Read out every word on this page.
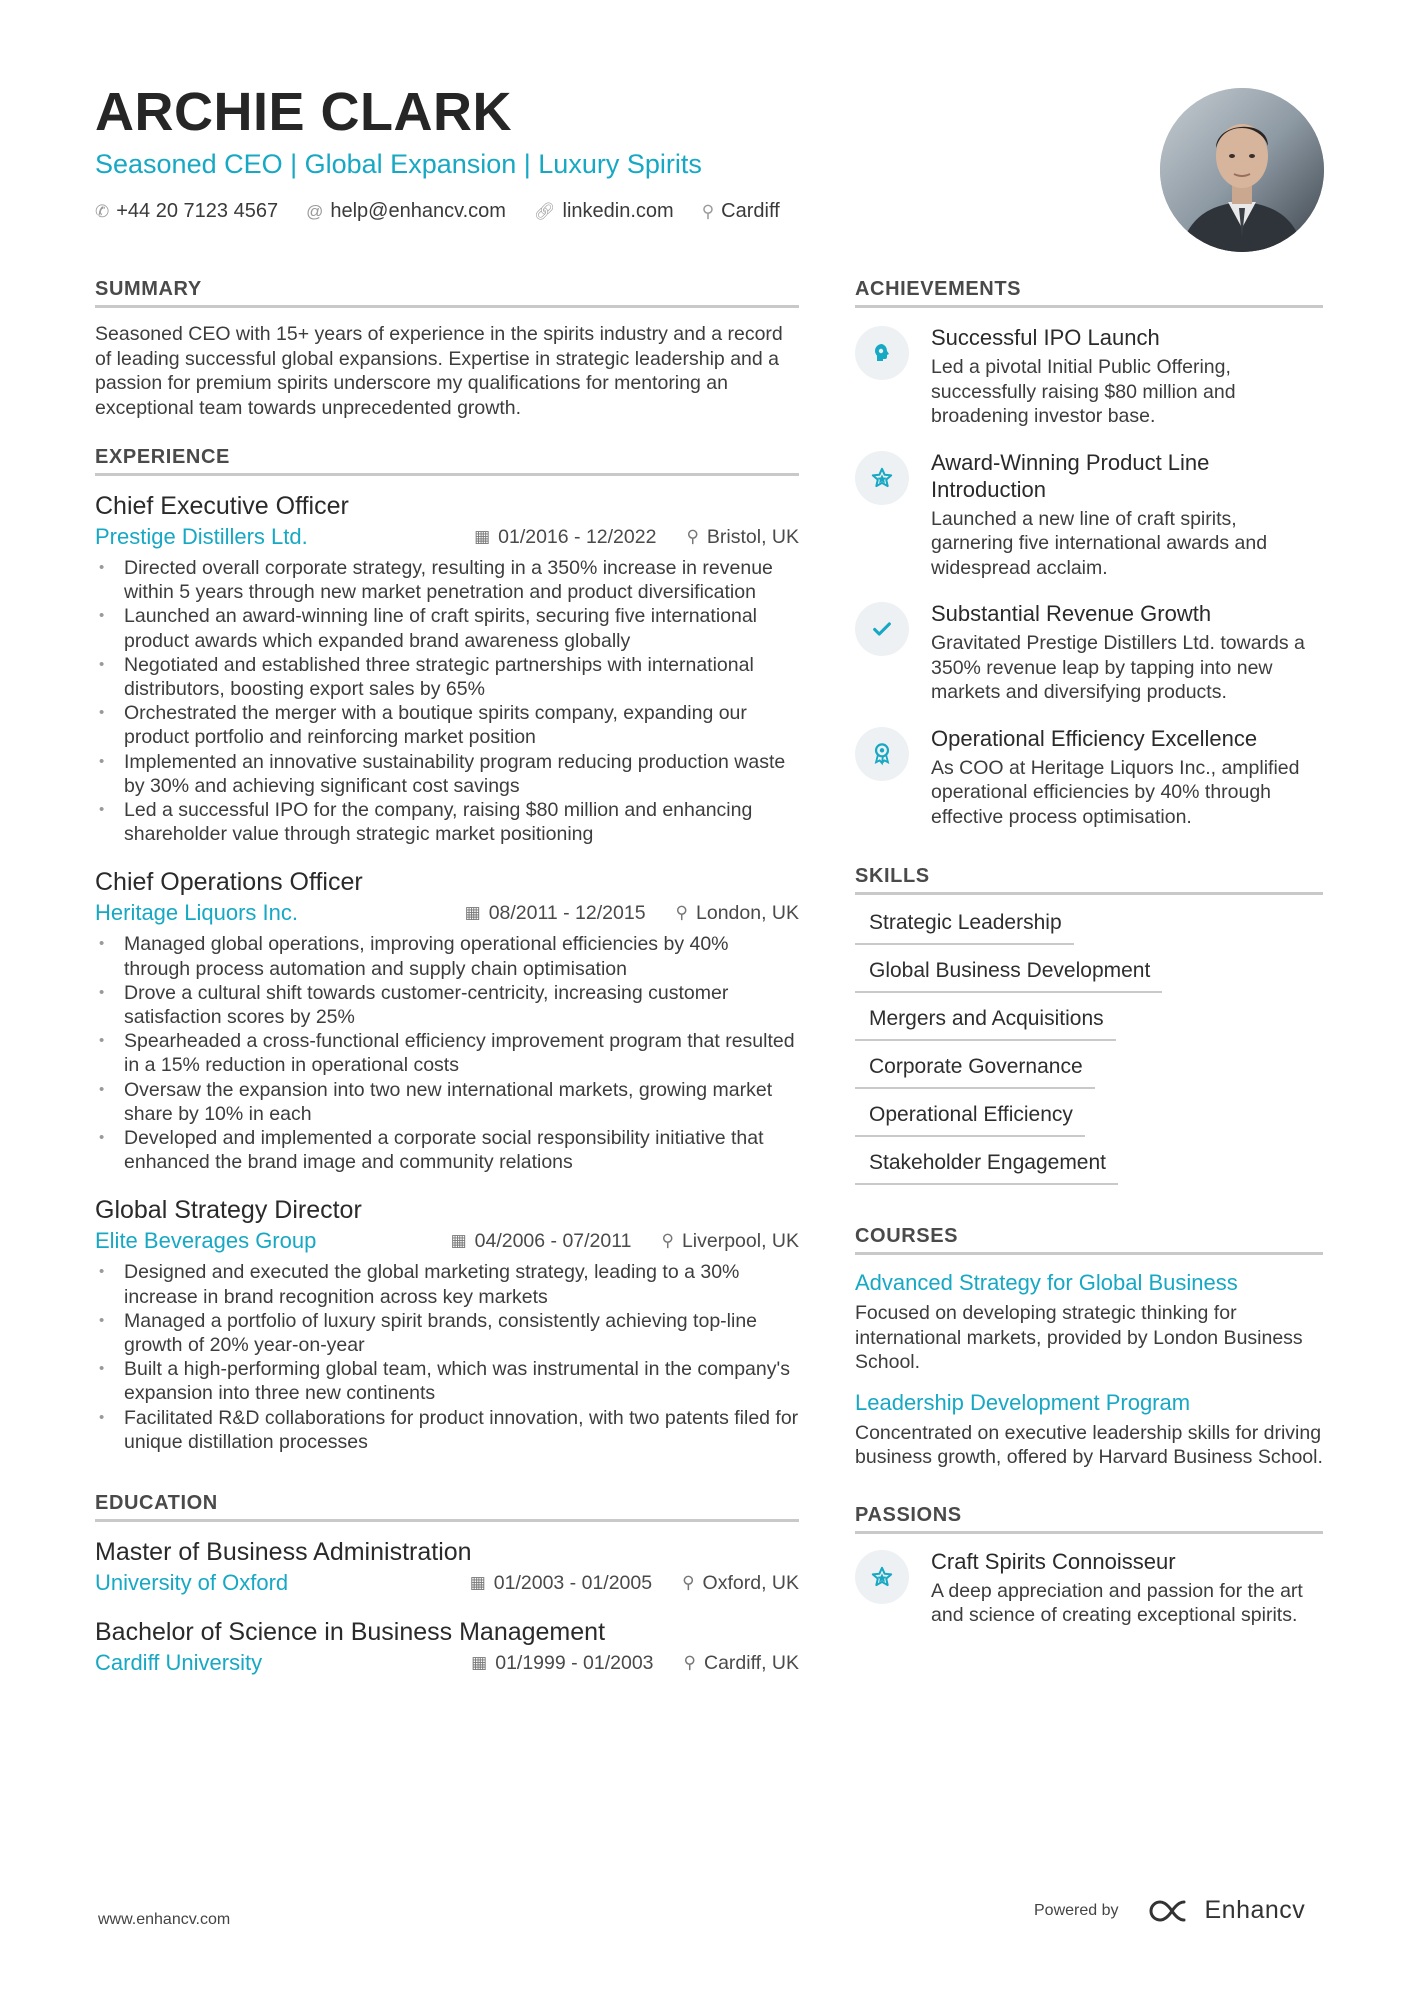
ARCHIE CLARK
Seasoned CEO | Global Expansion | Luxury Spirits
✆ +44 20 7123 4567 @ help@enhancv.com 🔗︎ linkedin.com ⚲ Cardiff
SUMMARY

Seasoned CEO with 15+ years of experience in the spirits industry and a record of leading successful global expansions. Expertise in strategic leadership and a passion for premium spirits underscore my qualifications for mentoring an exceptional team towards unprecedented growth.

EXPERIENCE
Chief Executive Officer
Prestige Distillers Ltd.	▦ 01/2016 - 12/2022 ⚲ Bristol, UK
• Directed overall corporate strategy, resulting in a 350% increase in revenue within 5 years through new market penetration and product diversification
• Launched an award-winning line of craft spirits, securing five international product awards which expanded brand awareness globally
• Negotiated and established three strategic partnerships with international distributors, boosting export sales by 65%
• Orchestrated the merger with a boutique spirits company, expanding our product portfolio and reinforcing market position
• Implemented an innovative sustainability program reducing production waste by 30% and achieving significant cost savings
• Led a successful IPO for the company, raising $80 million and enhancing shareholder value through strategic market positioning
Chief Operations Officer
Heritage Liquors Inc.	▦ 08/2011 - 12/2015 ⚲ London, UK
• Managed global operations, improving operational efficiencies by 40% through process automation and supply chain optimisation
• Drove a cultural shift towards customer-centricity, increasing customer satisfaction scores by 25%
• Spearheaded a cross-functional efficiency improvement program that resulted in a 15% reduction in operational costs
• Oversaw the expansion into two new international markets, growing market share by 10% in each
• Developed and implemented a corporate social responsibility initiative that enhanced the brand image and community relations
Global Strategy Director
Elite Beverages Group	▦ 04/2006 - 07/2011 ⚲ Liverpool, UK
• Designed and executed the global marketing strategy, leading to a 30% increase in brand recognition across key markets
• Managed a portfolio of luxury spirit brands, consistently achieving top-line growth of 20% year-on-year
• Built a high-performing global team, which was instrumental in the company's expansion into three new continents
• Facilitated R&D collaborations for product innovation, with two patents filed for unique distillation processes
EDUCATION
Master of Business Administration
University of Oxford	▦ 01/2003 - 01/2005 ⚲ Oxford, UK
Bachelor of Science in Business Management
Cardiff University	▦ 01/1999 - 01/2003 ⚲ Cardiff, UK
ACHIEVEMENTS
Successful IPO Launch
Led a pivotal Initial Public Offering, successfully raising $80 million and broadening investor base.
Award-Winning Product Line Introduction
Launched a new line of craft spirits, garnering five international awards and widespread acclaim.
Substantial Revenue Growth
Gravitated Prestige Distillers Ltd. towards a 350% revenue leap by tapping into new markets and diversifying products.
Operational Efficiency Excellence
As COO at Heritage Liquors Inc., amplified operational efficiencies by 40% through effective process optimisation.
SKILLS
Strategic Leadership
Global Business Development
Mergers and Acquisitions
Corporate Governance
Operational Efficiency
Stakeholder Engagement
COURSES
Advanced Strategy for Global Business
Focused on developing strategic thinking for international markets, provided by London Business School.
Leadership Development Program
Concentrated on executive leadership skills for driving business growth, offered by Harvard Business School.
PASSIONS
Craft Spirits Connoisseur
A deep appreciation and passion for the art and science of creating exceptional spirits.
www.enhancv.com
Powered by	Enhancv
